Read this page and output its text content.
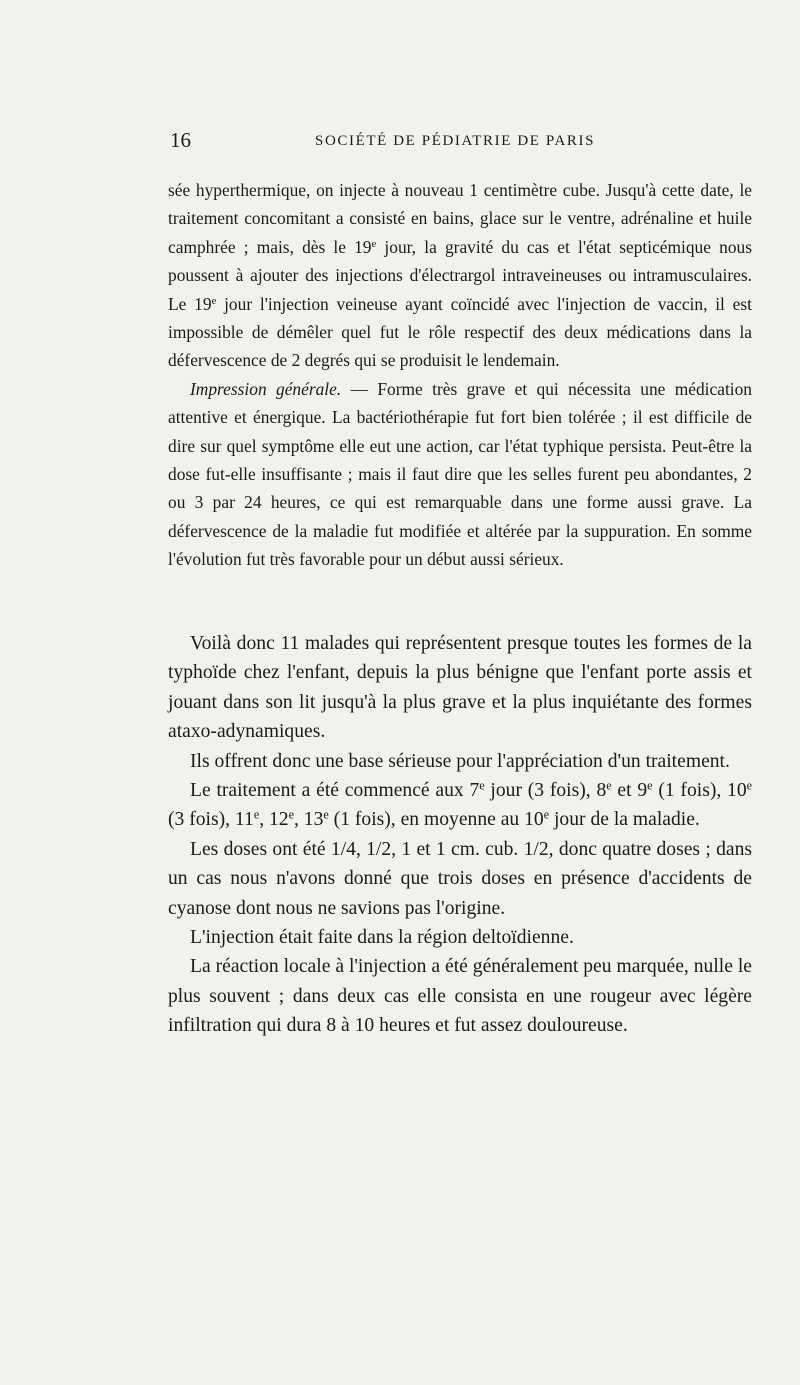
16	SOCIÉTÉ DE PÉDIATRIE DE PARIS

sée hyperthermique, on injecte à nouveau 1 centimètre cube. Jusqu'à cette date, le traitement concomitant a consisté en bains, glace sur le ventre, adrénaline et huile camphrée ; mais, dès le 19e jour, la gravité du cas et l'état septicémique nous poussent à ajouter des injections d'électrargol intraveineuses ou intramusculaires. Le 19e jour l'injection veineuse ayant coïncidé avec l'injection de vaccin, il est impossible de démêler quel fut le rôle respectif des deux médications dans la défervescence de 2 degrés qui se produisit le lendemain.

Impression générale. — Forme très grave et qui nécessita une médication attentive et énergique. La bactériothérapie fut fort bien tolérée ; il est difficile de dire sur quel symptôme elle eut une action, car l'état typhique persista. Peut-être la dose fut-elle insuffisante ; mais il faut dire que les selles furent peu abondantes, 2 ou 3 par 24 heures, ce qui est remarquable dans une forme aussi grave. La défervescence de la maladie fut modifiée et altérée par la suppuration. En somme l'évolution fut très favorable pour un début aussi sérieux.

Voilà donc 11 malades qui représentent presque toutes les formes de la typhoïde chez l'enfant, depuis la plus bénigne que l'enfant porte assis et jouant dans son lit jusqu'à la plus grave et la plus inquiétante des formes ataxo-adynamiques.

Ils offrent donc une base sérieuse pour l'appréciation d'un traitement.

Le traitement a été commencé aux 7e jour (3 fois), 8e et 9e (1 fois), 10e (3 fois), 11e, 12e, 13e (1 fois), en moyenne au 10e jour de la maladie.

Les doses ont été 1/4, 1/2, 1 et 1 cm. cub. 1/2, donc quatre doses ; dans un cas nous n'avons donné que trois doses en présence d'accidents de cyanose dont nous ne savions pas l'origine.

L'injection était faite dans la région deltoïdienne.

La réaction locale à l'injection a été généralement peu marquée, nulle le plus souvent ; dans deux cas elle consista en une rougeur avec légère infiltration qui dura 8 à 10 heures et fut assez douloureuse.
